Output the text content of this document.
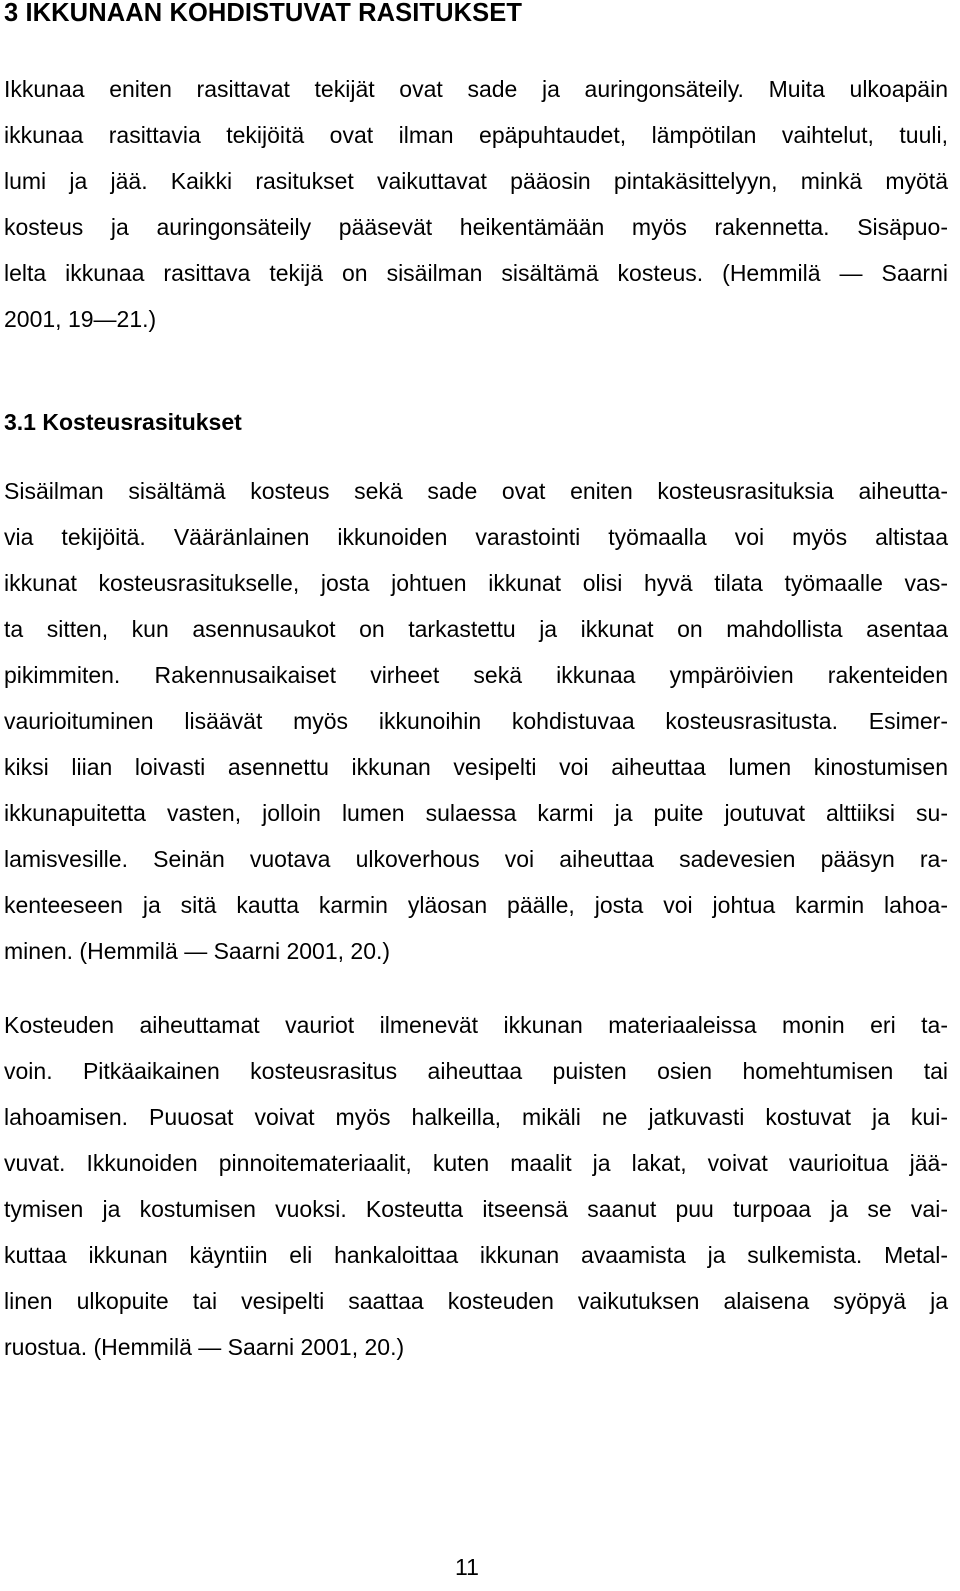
3 IKKUNAAN KOHDISTUVAT RASITUKSET
Ikkunaa eniten rasittavat tekijät ovat sade ja auringonsäteily. Muita ulkoapäin
ikkunaa rasittavia tekijöitä ovat ilman epäpuhtaudet, lämpötilan vaihtelut, tuuli,
lumi ja jää. Kaikki rasitukset vaikuttavat pääosin pintakäsittelyyn, minkä myötä
kosteus ja auringonsäteily pääsevät heikentämään myös rakennetta. Sisäpuo-
lelta ikkunaa rasittava tekijä on sisäilman sisältämä kosteus. (Hemmilä — Saarni
2001, 19—21.)
3.1 Kosteusrasitukset
Sisäilman sisältämä kosteus sekä sade ovat eniten kosteusrasituksia aiheutta-
via tekijöitä. Vääränlainen ikkunoiden varastointi työmaalla voi myös altistaa
ikkunat kosteusrasitukselle, josta johtuen ikkunat olisi hyvä tilata työmaalle vas-
ta sitten, kun asennusaukot on tarkastettu ja ikkunat on mahdollista asentaa
pikimmiten. Rakennusaikaiset virheet sekä ikkunaa ympäröivien rakenteiden
vaurioituminen lisäävät myös ikkunoihin kohdistuvaa kosteusrasitusta. Esimer-
kiksi liian loivasti asennettu ikkunan vesipelti voi aiheuttaa lumen kinostumisen
ikkunapuitetta vasten, jolloin lumen sulaessa karmi ja puite joutuvat alttiiksi su-
lamisvesille. Seinän vuotava ulkoverhous voi aiheuttaa sadevesien pääsyn ra-
kenteeseen ja sitä kautta karmin yläosan päälle, josta voi johtua karmin lahoa-
minen. (Hemmilä — Saarni 2001, 20.)
Kosteuden aiheuttamat vauriot ilmenevät ikkunan materiaaleissa monin eri ta-
voin. Pitkäaikainen kosteusrasitus aiheuttaa puisten osien homehtumisen tai
lahoamisen. Puuosat voivat myös halkeilla, mikäli ne jatkuvasti kostuvat ja kui-
vuvat. Ikkunoiden pinnoitemateriaalit, kuten maalit ja lakat, voivat vaurioitua jää-
tymisen ja kostumisen vuoksi. Kosteutta itseensä saanut puu turpoaa ja se vai-
kuttaa ikkunan käyntiin eli hankaloittaa ikkunan avaamista ja sulkemista. Metal-
linen ulkopuite tai vesipelti saattaa kosteuden vaikutuksen alaisena syöpyä ja
ruostua. (Hemmilä — Saarni 2001, 20.)
11
